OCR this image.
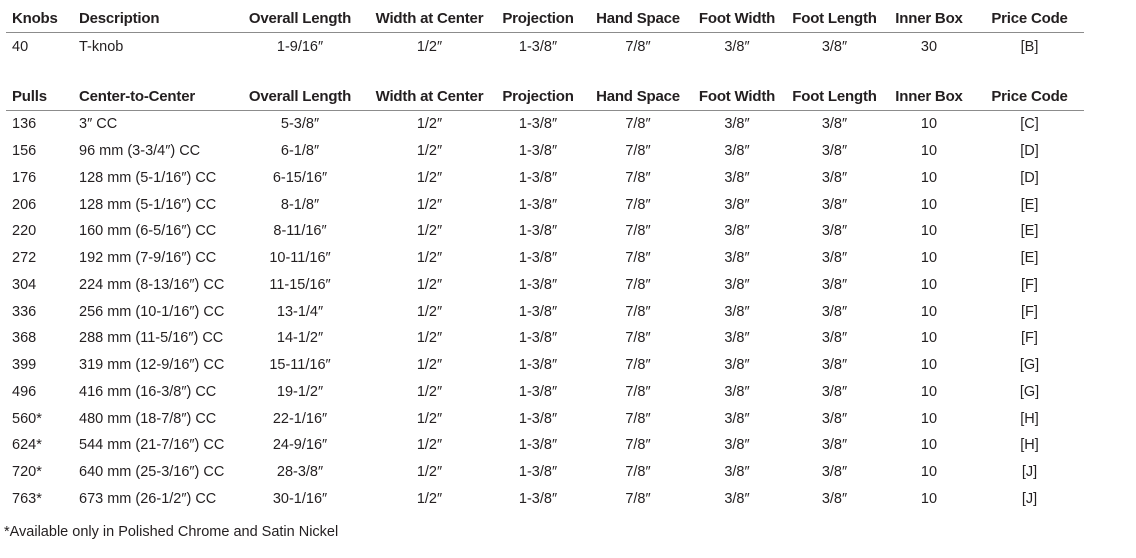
Knobs	Description	Overall Length	Width at Center	Projection	Hand Space	Foot Width	Foot Length	Inner Box	Price Code
40	T-knob	1-9/16″	1/2″	1-3/8″	7/8″	3/8″	3/8″	30	[B]
Pulls	Center-to-Center	Overall Length	Width at Center	Projection	Hand Space	Foot Width	Foot Length	Inner Box	Price Code
136	3″ CC	5-3/8″	1/2″	1-3/8″	7/8″	3/8″	3/8″	10	[C]
156	96 mm (3-3/4″) CC	6-1/8″	1/2″	1-3/8″	7/8″	3/8″	3/8″	10	[D]
176	128 mm (5-1/16″) CC	6-15/16″	1/2″	1-3/8″	7/8″	3/8″	3/8″	10	[D]
206	128 mm (5-1/16″) CC	8-1/8″	1/2″	1-3/8″	7/8″	3/8″	3/8″	10	[E]
220	160 mm (6-5/16″) CC	8-11/16″	1/2″	1-3/8″	7/8″	3/8″	3/8″	10	[E]
272	192 mm (7-9/16″) CC	10-11/16″	1/2″	1-3/8″	7/8″	3/8″	3/8″	10	[E]
304	224 mm (8-13/16″) CC	11-15/16″	1/2″	1-3/8″	7/8″	3/8″	3/8″	10	[F]
336	256 mm (10-1/16″) CC	13-1/4″	1/2″	1-3/8″	7/8″	3/8″	3/8″	10	[F]
368	288 mm (11-5/16″) CC	14-1/2″	1/2″	1-3/8″	7/8″	3/8″	3/8″	10	[F]
399	319 mm (12-9/16″) CC	15-11/16″	1/2″	1-3/8″	7/8″	3/8″	3/8″	10	[G]
496	416 mm (16-3/8″) CC	19-1/2″	1/2″	1-3/8″	7/8″	3/8″	3/8″	10	[G]
560*	480 mm (18-7/8″) CC	22-1/16″	1/2″	1-3/8″	7/8″	3/8″	3/8″	10	[H]
624*	544 mm (21-7/16″) CC	24-9/16″	1/2″	1-3/8″	7/8″	3/8″	3/8″	10	[H]
720*	640 mm (25-3/16″) CC	28-3/8″	1/2″	1-3/8″	7/8″	3/8″	3/8″	10	[J]
763*	673 mm (26-1/2″) CC	30-1/16″	1/2″	1-3/8″	7/8″	3/8″	3/8″	10	[J]
*Available only in Polished Chrome and Satin Nickel
